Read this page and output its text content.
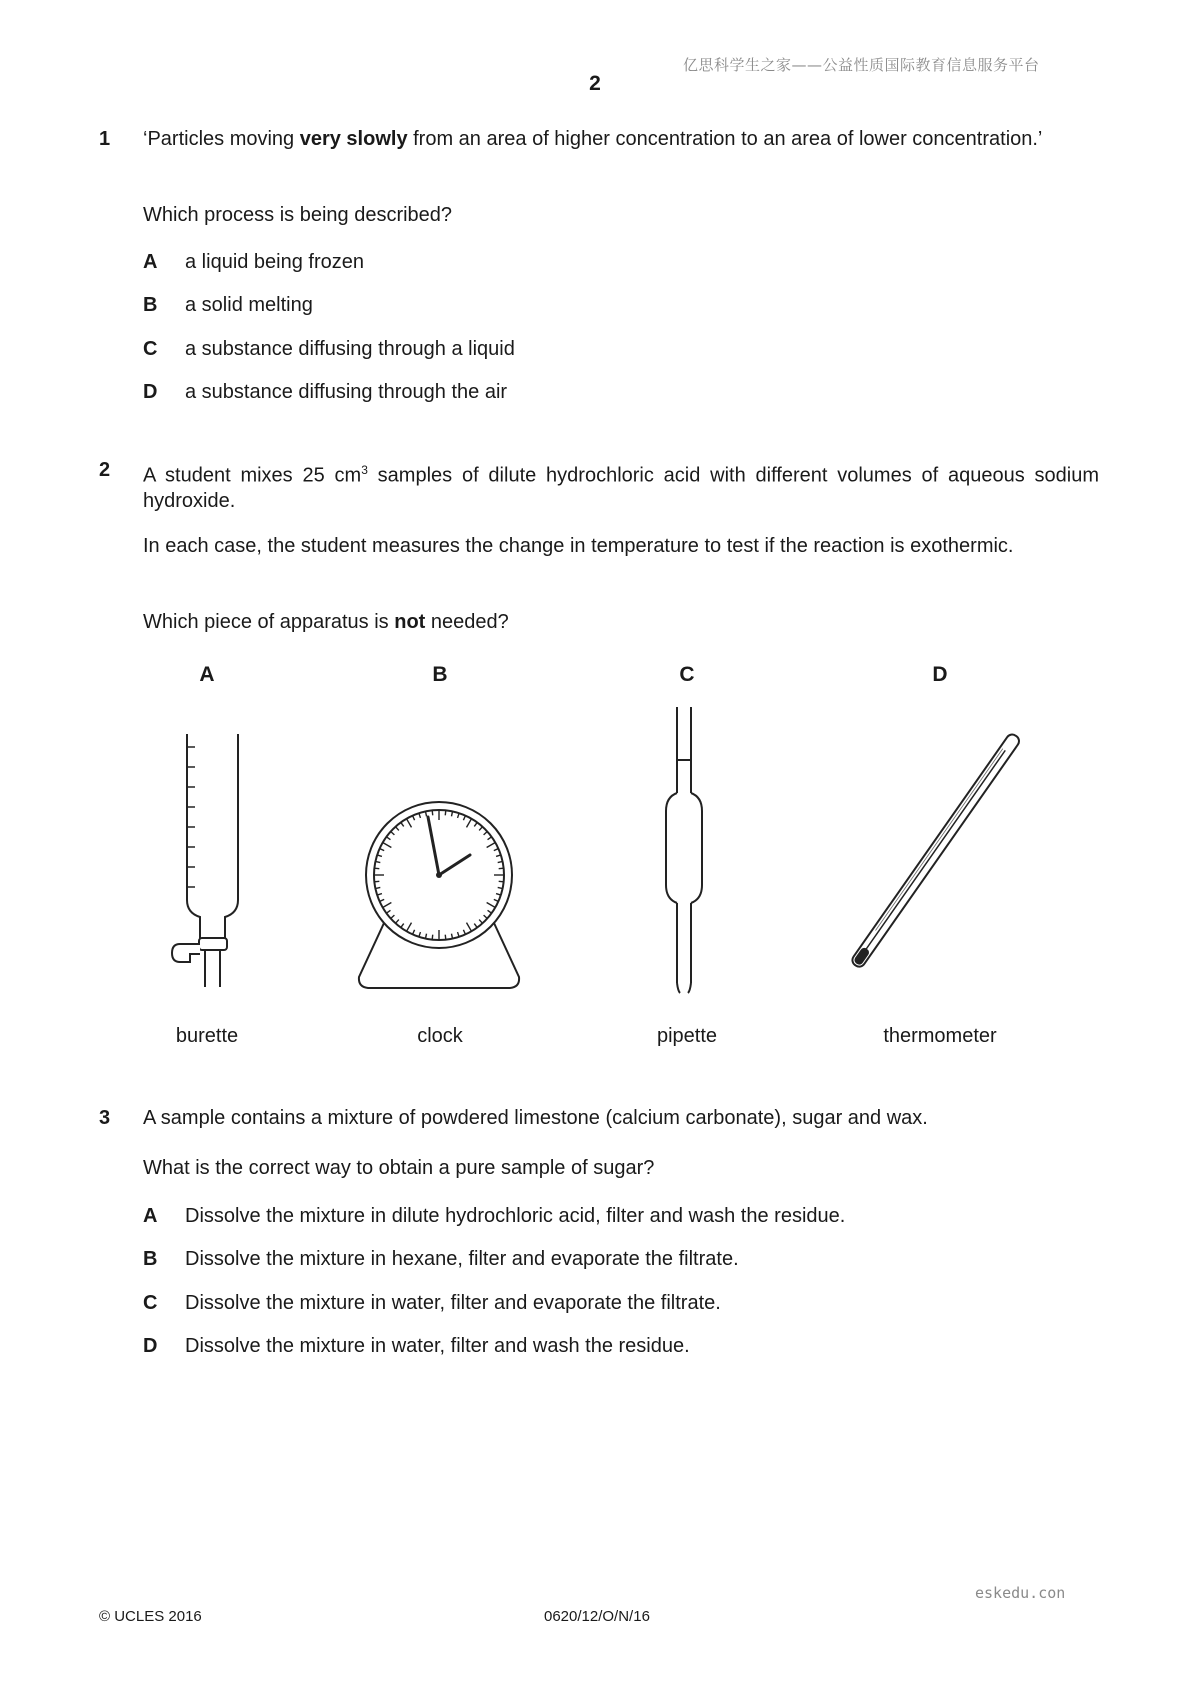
亿思科学生之家——公益性质国际教育信息服务平台
2
1 ‘Particles moving very slowly from an area of higher concentration to an area of lower concentration.’
Which process is being described?
A a liquid being frozen
B a solid melting
C a substance diffusing through a liquid
D a substance diffusing through the air
2 A student mixes 25 $cm^3$ samples of dilute hydrochloric acid with different volumes of aqueous sodium hydroxide.
In each case, the student measures the change in temperature to test if the reaction is exothermic.
Which piece of apparatus is not needed?
A	B	C	D
burette	clock	pipette	thermometer
3 A sample contains a mixture of powdered limestone (calcium carbonate), sugar and wax.
What is the correct way to obtain a pure sample of sugar?
A Dissolve the mixture in dilute hydrochloric acid, filter and wash the residue.
B Dissolve the mixture in hexane, filter and evaporate the filtrate.
C Dissolve the mixture in water, filter and evaporate the filtrate.
D Dissolve the mixture in water, filter and wash the residue.
eskedu.con
© UCLES 2016	0620/12/O/N/16
